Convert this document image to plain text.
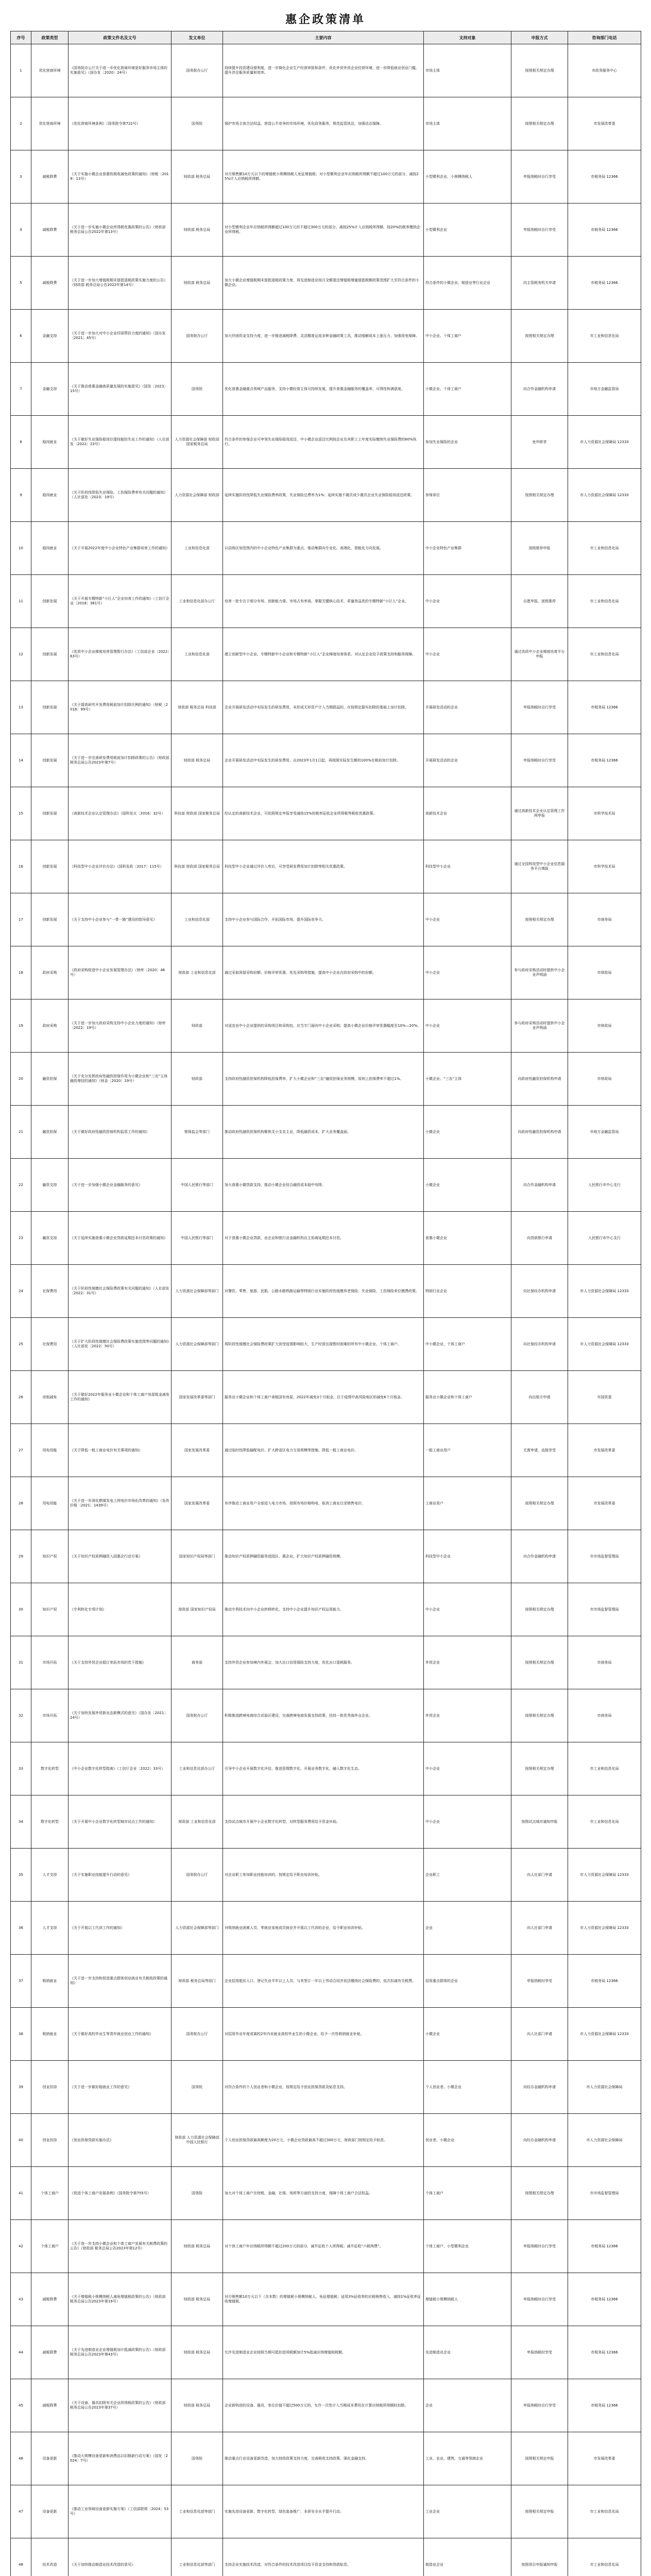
惠企政策清单
序号	政策类型	政策文件名及文号	发文单位	主要内容	支持对象	申报方式	咨询部门电话
1	优化营商环境	《国务院办公厅关于进一步优化营商环境更好服务市场主体的实施意见》（国办发〔2020〕24号）	国务院办公厅	持续提升投资建设便利度，进一步简化企业生产经营审批和条件，优化外贸外资企业经营环境，进一步降低就业创业门槛，提升涉企服务质量和效率。	市场主体	按照相关规定办理	市政务服务中心
2	优化营商环境	《优化营商环境条例》（国务院令第722号）	国务院	保护市场主体合法权益，营造公平竞争的市场环境，优化政务服务，规范监管执法，加强法治保障。	市场主体	按照相关规定办理	市发展改革委
3	减税降费	《关于实施小微企业普惠性税收减免政策的通知》（财税〔2019〕13号）	财政部 税务总局	对月销售额10万元以下的增值税小规模纳税人免征增值税；对小型微利企业年应纳税所得额不超过100万元的部分，减按25%计入应纳税所得额。	小型微利企业、小规模纳税人	申报纳税时自行享受	市税务局 12366
4	减税降费	《关于进一步实施小微企业所得税优惠政策的公告》（财政部 税务总局公告2022年第13号）	财政部 税务总局	对小型微利企业年应纳税所得额超过100万元但不超过300万元的部分，减按25%计入应纳税所得额，按20%的税率缴纳企业所得税。	小型微利企业	申报纳税时自行享受	市税务局 12366
5	减税降费	《关于进一步加大增值税期末留抵退税政策实施力度的公告》（财政部 税务总局公告2022年第14号）	财政部 税务总局	加大小微企业增值税期末留抵退税政策力度，将先进制造业按月全额退还增值税增量留抵税额政策范围扩大至符合条件的小微企业。	符合条件的小微企业、制造业等行业企业	向主管税务机关申请	市税务局 12366
6	金融支持	《关于进一步加大对中小企业纾困帮扶力度的通知》（国办发〔2021〕45号）	国务院办公厅	加大纾困资金支持力度，进一步推进减税降费，灵活精准运用多种金融政策工具，推动缓解成本上涨压力，加强用电保障。	中小企业、个体工商户	按照相关规定办理	市工业和信息化局
7	金融支持	《关于推动普惠金融高质量发展的实施意见》（国发〔2023〕15号）	国务院	优化普惠金融重点领域产品服务，支持小微经营主体可持续发展，提升普惠金融服务的覆盖率、可得性和满意度。	小微企业、个体工商户	向合作金融机构申请	市地方金融监管局
8	稳岗就业	《关于做好失业保险稳岗位提技能防失业工作的通知》（人社部发〔2022〕23号）	人力资源社会保障部 财政部 国家税务总局	符合条件的参保企业可申领失业保险稳岗返还，中小微企业返还比例按企业及其职工上年度实际缴纳失业保险费的60%执行。	参加失业保险的企业	免申即享	市人力资源社会保障局 12333
9	稳岗就业	《关于阶段性降低失业保险、工伤保险费率有关问题的通知》（人社部发〔2023〕19号）	人力资源社会保障部 财政部	延续实施阶段性降低失业保险费率政策，失业保险总费率为1%；延续实施不裁员或少裁员企业失业保险稳岗返还政策。	参保单位	按照相关规定办理	市人力资源社会保障局 12333
10	稳岗就业	《关于开展2022年度中小企业特色产业集群培育工作的通知》	工业和信息化部	以县级区划范围内的中小企业特色产业集群为重点，推动集群向专业化、高端化、智能化方向发展。	中小企业特色产业集群	逐级推荐申报	市工业和信息化局
11	创新发展	《关于开展专精特新“小巨人”企业培育工作的通知》（工信厅企业〔2018〕381号）	工业和信息化部办公厅	培育一批专注于细分市场、创新能力强、市场占有率高、掌握关键核心技术、质量效益优的专精特新“小巨人”企业。	中小企业	自愿申报，逐级推荐	市工业和信息化局
12	创新发展	《优质中小企业梯度培育管理暂行办法》（工信部企业〔2022〕63号）	工业和信息化部	建立创新型中小企业、专精特新中小企业和专精特新“小巨人”企业梯度培育体系，对认定企业给予政策支持和服务保障。	中小企业	通过优质中小企业梯度培育平台申报	市工业和信息化局
13	创新发展	《关于提高研究开发费用税前加计扣除比例的通知》（财税〔2018〕99号）	财政部 税务总局 科技部	企业开展研发活动中实际发生的研发费用，未形成无形资产计入当期损益的，在按规定据实扣除的基础上加计扣除。	开展研发活动的企业	申报纳税时自行享受	市税务局 12366
14	创新发展	《关于进一步完善研发费用税前加计扣除政策的公告》（财政部 税务总局公告2023年第7号）	财政部 税务总局	企业开展研发活动中实际发生的研发费用，自2023年1月1日起，再按照实际发生额的100%在税前加计扣除。	开展研发活动的企业	申报纳税时自行享受	市税务局 12366
15	创新发展	《高新技术企业认定管理办法》（国科发火〔2016〕32号）	科技部 财政部 国家税务总局	经认定的高新技术企业，可依照规定申报享受减按15%的税率征收企业所得税等税收优惠政策。	高新技术企业	通过高新技术企业认定管理工作网申报	市科学技术局
16	创新发展	《科技型中小企业评价办法》（国科发政〔2017〕115号）	科技部 财政部 国家税务总局	科技型中小企业通过评价入库后，可享受研发费用加计扣除等相关优惠政策。	科技型中小企业	通过全国科技型中小企业信息服务平台填报	市科学技术局
17	创新发展	《关于支持中小企业参与“一带一路”建设的指导意见》	工业和信息化部	支持中小企业参与国际合作，开拓国际市场，提升国际竞争力。	中小企业	按照相关规定办理	市商务局
18	政府采购	《政府采购促进中小企业发展管理办法》（财库〔2020〕46号）	财政部 工业和信息化部	通过采取预留采购份额、价格评审优惠、优先采购等措施，提高中小企业在政府采购中的份额。	中小企业	参与政府采购活动时提供中小企业声明函	市财政局
19	政府采购	《关于进一步加大政府采购支持中小企业力度的通知》（财库〔2022〕19号）	财政部	对适宜由中小企业提供的采购项目和采购包，应当专门面向中小企业采购；提高小微企业价格评审优惠幅度至10%—20%。	中小企业	参与政府采购活动时提供中小企业声明函	市财政局
20	融资担保	《关于充分发挥政府性融资担保作用为小微企业和“三农”主体融资增信的通知》（财金〔2020〕19号）	财政部	支持政府性融资担保机构降低担保费率，扩大小微企业和“三农”融资担保业务规模，原则上担保费率不超过1%。	小微企业、“三农”主体	向政府性融资担保机构申请	市财政局
21	融资担保	《关于做好政府性融资担保机构监管工作的通知》	银保监会等部门	推动政府性融资担保机构聚焦支小支农主业，降低融资成本，扩大业务覆盖面。	小微企业	向政府性融资担保机构申请	市地方金融监管局
22	融资支持	《关于进一步加强小微企业金融服务的意见》	中国人民银行等部门	加大普惠小微贷款支持，推动小微企业综合融资成本稳中有降。	小微企业	向合作金融机构申请	人民银行市中心支行
23	融资支持	《关于延续实施普惠小微企业贷款延期还本付息政策的通知》	中国人民银行等部门	对于普惠小微企业贷款，由企业和银行业金融机构自主协商延期还本付息。	普惠小微企业	向贷款银行申请	人民银行市中心支行
24	社保费用	《关于阶段性缓缴社会保险费政策有关问题的通知》（人社部发〔2022〕31号）	人力资源社会保障部等部门	对餐饮、零售、旅游、民航、公路水路铁路运输等特困行业实施阶段性缓缴养老保险、失业保险、工伤保险单位缴费政策。	特困行业企业	向社保经办机构申请	市人力资源社会保障局 12333
25	社保费用	《关于扩大阶段性缓缴社会保险费政策实施范围等问题的通知》（人社部发〔2022〕50号）	人力资源社会保障部等部门	将阶段性缓缴社会保险费政策扩大到受疫情影响较大、生产经营出现暂时困难的所有中小微企业、个体工商户。	中小微企业、个体工商户	向社保经办机构申请	市人力资源社会保障局 12333
26	房租减免	《关于做好2022年服务业小微企业和个体工商户房屋租金减免工作的通知》	国家发展改革委等部门	服务业小微企业和个体工商户承租国有房屋，2022年减免3个月租金，位于疫情中高风险地区的减免6个月租金。	服务业小微企业和个体工商户	向出租方申请	市国资委
27	用电用能	《关于降低一般工商业电价有关事项的通知》	国家发展改革委	通过临时性降低输配电价、扩大跨省区电力交易规模等措施，降低一般工商业电价。	一般工商业用户	无需申请，直接享受	市发展改革委
28	用电用能	《关于进一步深化燃煤发电上网电价市场化改革的通知》（发改价格〔2021〕1439号）	国家发展改革委	有序推动工商业用户全部进入电力市场，按照市场价格购电，取消工商业目录销售电价。	工商业用户	按照相关规定办理	市发展改革委
29	知识产权	《关于知识产权质押融资入园惠企行动方案》	国家知识产权局等部门	推动知识产权质押融资服务进园区、惠企业，扩大知识产权质押融资规模。	科技型中小企业	向合作金融机构申请	市市场监督管理局
30	知识产权	《专利转化专项计划》	财政部 国家知识产权局	推动专利技术向中小企业转移转化，支持中小企业提升知识产权运用能力。	中小企业	按照相关规定办理	市市场监督管理局
31	市场开拓	《关于支持外贸企业稳订单拓市场的若干措施》	商务部	支持外贸企业参加境内外展会，加大出口信用保险支持力度，优化出口退税服务。	外贸企业	按照相关规定办理	市商务局
32	市场开拓	《关于加快发展外贸新业态新模式的意见》（国办发〔2021〕24号）	国务院办公厅	积极推进跨境电商综合试验区建设，完善跨境电商发展支持政策，扶持一批优秀海外仓企业。	外贸企业	按照相关规定办理	市商务局
33	数字化转型	《中小企业数字化转型指南》（工信厅企业〔2022〕33号）	工业和信息化部办公厅	引导中小企业开展数字化评估、推进管理数字化、开展业务数字化、融入数字化生态。	中小企业	按照相关规定办理	市工业和信息化局
34	数字化转型	《关于开展中小企业数字化转型城市试点工作的通知》	财政部 工业和信息化部	支持试点城市开展中小企业数字化转型，对转型服务费用给予资金补助。	中小企业	按照试点城市通知申报	市工业和信息化局
35	人才支持	《关于实施职业技能提升行动的意见》	国务院办公厅	对企业职工参加职业技能培训的，按规定给予职业培训补贴。	企业职工	向人社部门申请	市人力资源社会保障局 12333
36	人才支持	《关于开展以工代训工作的通知》	人力资源社会保障部等部门	对吸纳就业困难人员、零就业家庭成员就业并开展以工代训的企业，给予职业培训补贴。	企业	向人社部门申请	市人力资源社会保障局 12333
37	吸纳就业	《关于进一步支持和促进重点群体创业就业有关税收政策的通知》	财政部 税务总局等部门	企业招用脱贫人口、登记失业半年以上人员，与其签订一年以上劳动合同并依法缴纳社会保险费的，依次扣减有关税费。	招用重点群体的企业	申报纳税时享受	市税务局 12366
38	吸纳就业	《关于做好高校毕业生等青年就业创业工作的通知》	国务院办公厅	对招用毕业年度或离校2年内未就业高校毕业生的小微企业，给予一次性吸纳就业补贴。	小微企业	向人社部门申请	市人力资源社会保障局 12333
39	创业扶持	《关于进一步做好稳就业工作的意见》	国务院	对符合条件的个人创业者和小微企业，按规定给予创业担保贷款及贴息支持。	个人创业者、小微企业	向经办金融机构申请	市人力资源社会保障局
40	创业扶持	《创业担保贷款实施办法》	财政部 人力资源社会保障部 中国人民银行	个人创业担保贷款最高额度为20万元，小微企业贷款最高不超过300万元，财政部门按规定给予贴息。	创业者、小微企业	向经办金融机构申请	市人力资源社会保障局
41	个体工商户	《促进个体工商户发展条例》（国务院令第755号）	国务院	加大对个体工商户在财税、金融、社保、场所等方面的支持力度，保障个体工商户合法权益。	个体工商户	按照相关规定办理	市市场监督管理局
42	个体工商户	《关于进一步支持小微企业和个体工商户发展有关税费政策的公告》（财政部 税务总局公告2023年第12号）	财政部 税务总局	对个体工商户年应纳税所得额不超过200万元的部分，减半征收个人所得税；减半征收“六税两费”。	个体工商户、小型微利企业	申报纳税时自行享受	市税务局 12366
43	减税降费	《关于增值税小规模纳税人减免增值税政策的公告》（财政部 税务总局公告2023年第19号）	财政部 税务总局	对月销售额10万元以下（含本数）的增值税小规模纳税人，免征增值税；适用3%征收率的应税销售收入，减按1%征收率征收增值税。	增值税小规模纳税人	申报纳税时自行享受	市税务局 12366
44	减税降费	《关于先进制造业企业增值税加计抵减政策的公告》（财政部 税务总局公告2023年第43号）	财政部 税务总局	允许先进制造业企业按照当期可抵扣进项税额加计5%抵减应纳增值税税额。	先进制造业企业	申报纳税时享受	市税务局 12366
45	减税降费	《关于设备、器具扣除有关企业所得税政策的公告》（财政部 税务总局公告2023年第37号）	财政部 税务总局	企业新购进的设备、器具，单位价值不超过500万元的，允许一次性计入当期成本费用在计算应纳税所得额时扣除。	企业	申报纳税时自行享受	市税务局 12366
46	设备更新	《推动大规模设备更新和消费品以旧换新行动方案》（国发〔2024〕7号）	国务院	推动重点行业设备更新改造，加大财政政策支持力度，完善税收支持政策，强化金融支持。	工业、农业、建筑、交通等领域企业	按照相关规定申报	市发展改革委
47	设备更新	《推动工业领域设备更新实施方案》（工信部联规〔2024〕53号）	工业和信息化部等部门	实施先进设备更新、数字化转型、绿色装备推广、本质安全水平提升行动。	工业企业	按照相关规定申报	市工业和信息化局
48	技术改造	《关于加快推动制造业技术改造的意见》	工业和信息化部等部门	支持企业实施技术改造，对符合条件的技术改造项目给予资金支持和贷款贴息。	制造业企业	按照项目申报通知申报	市工业和信息化局
